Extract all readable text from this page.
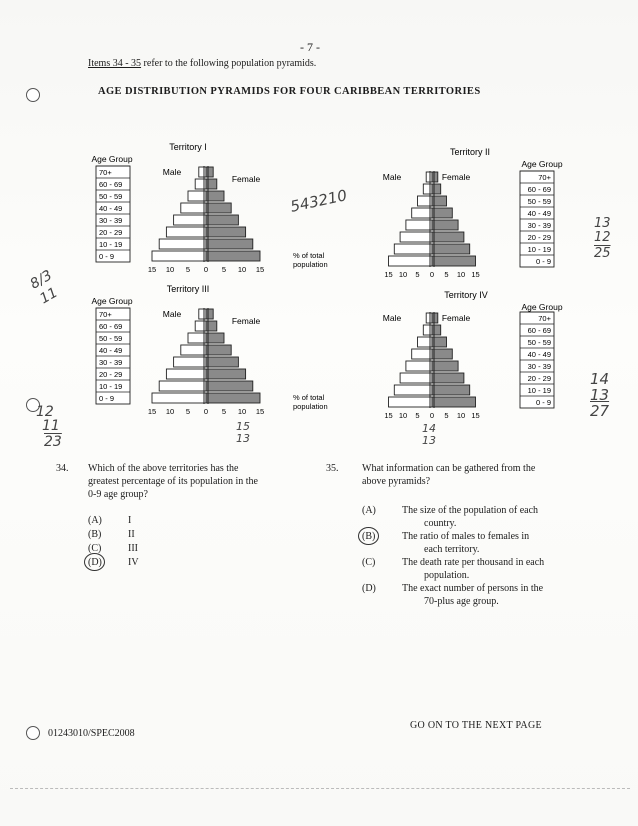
- 7 -
Items 34 - 35 refer to the following population pyramids.
AGE DISTRIBUTION PYRAMIDS FOR FOUR CARIBBEAN TERRITORIES
Territory I
Age Group
0 - 9
10 - 19
20 - 29
30 - 39
40 - 49
50 - 59
60 - 69
70+	Male
Female
15 10 5 0 5 10 15
% of total
population
Territory II
Age Group
0 - 9
10 - 19
20 - 29
30 - 39
40 - 49
50 - 59
60 - 69
70+
Male	Female
15 10 5 0 5 10 15
Territory III
Age Group
0 - 9
10 - 19
20 - 29
30 - 39
40 - 49
50 - 59
60 - 69
70+	Male
Female
15 10 5 0 5 10 15
% of total
population
Territory IV
Age Group
0 - 9
10 - 19
20 - 29
30 - 39
40 - 49
50 - 59
60 - 69
70+
Male	Female
15 10 5 0 5 10 15
543210
8/3
11
12
11
23
13
12
25
14
13
27
15
13
14
13
34. Which of the above territories has the
greatest percentage of its population in the
0-9 age group?
(A)	I
(B)	II
(C)	III
(D)	IV
35. What information can be gathered from the
above pyramids?
(A)	The size of the population of each
country.
(B)	The ratio of males to females in
each territory.
(C)	The death rate per thousand in each
population.
(D)	The exact number of persons in the
70-plus age group.
01243010/SPEC2008
GO ON TO THE NEXT PAGE
